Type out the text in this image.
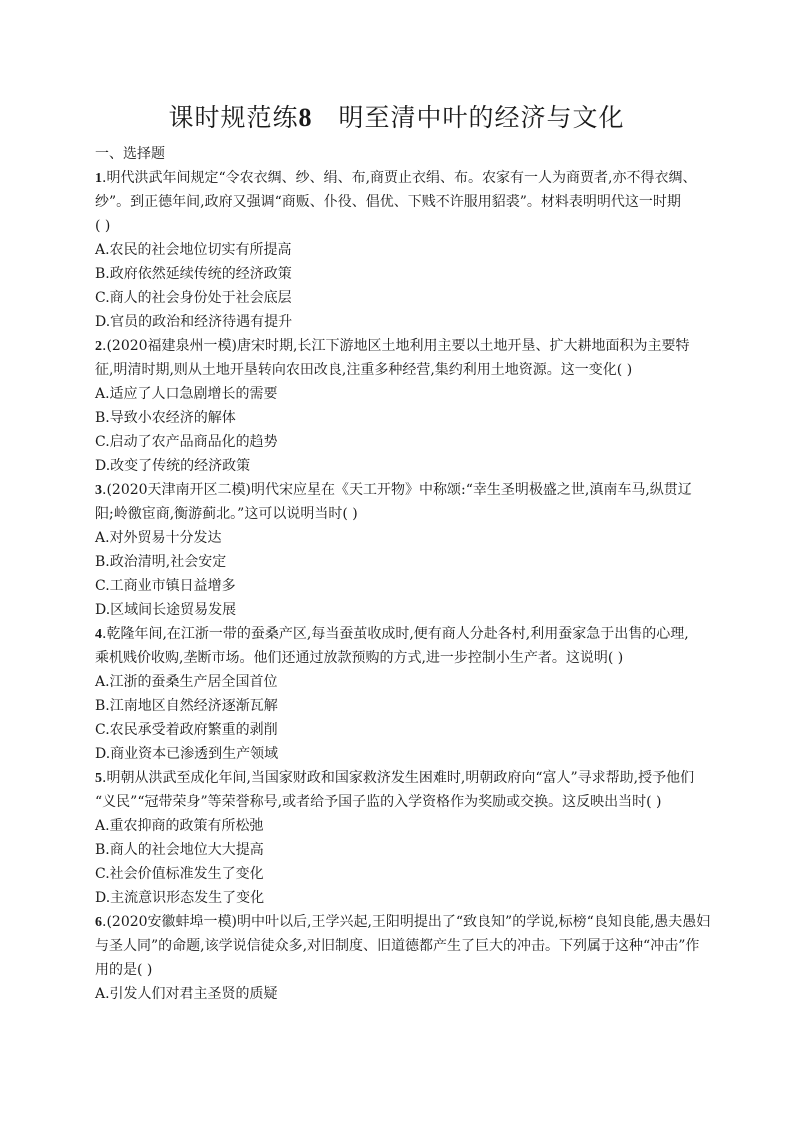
课时规范练8 明至清中叶的经济与文化
一、选择题
1.明代洪武年间规定“令农衣绸、纱、绢、布,商贾止衣绢、布。农家有一人为商贾者,亦不得衣绸、
纱”。到正德年间,政府又强调“商贩、仆役、倡优、下贱不许服用貂裘”。材料表明明代这一时期
( )
A.农民的社会地位切实有所提高
B.政府依然延续传统的经济政策
C.商人的社会身份处于社会底层
D.官员的政治和经济待遇有提升
2.(2020福建泉州一模)唐宋时期,长江下游地区土地利用主要以土地开垦、扩大耕地面积为主要特
征,明清时期,则从土地开垦转向农田改良,注重多种经营,集约利用土地资源。这一变化( )
A.适应了人口急剧增长的需要
B.导致小农经济的解体
C.启动了农产品商品化的趋势
D.改变了传统的经济政策
3.(2020天津南开区二模)明代宋应星在《天工开物》中称颂:“幸生圣明极盛之世,滇南车马,纵贯辽
阳;岭徼宦商,衡游蓟北。”这可以说明当时( )
A.对外贸易十分发达
B.政治清明,社会安定
C.工商业市镇日益增多
D.区域间长途贸易发展
4.乾隆年间,在江浙一带的蚕桑产区,每当蚕茧收成时,便有商人分赴各村,利用蚕家急于出售的心理,
乘机贱价收购,垄断市场。他们还通过放款预购的方式,进一步控制小生产者。这说明( )
A.江浙的蚕桑生产居全国首位
B.江南地区自然经济逐渐瓦解
C.农民承受着政府繁重的剥削
D.商业资本已渗透到生产领域
5.明朝从洪武至成化年间,当国家财政和国家救济发生困难时,明朝政府向“富人”寻求帮助,授予他们
“义民”“冠带荣身”等荣誉称号,或者给予国子监的入学资格作为奖励或交换。这反映出当时( )
A.重农抑商的政策有所松弛
B.商人的社会地位大大提高
C.社会价值标准发生了变化
D.主流意识形态发生了变化
6.(2020安徽蚌埠一模)明中叶以后,王学兴起,王阳明提出了“致良知”的学说,标榜“良知良能,愚夫愚妇
与圣人同”的命题,该学说信徒众多,对旧制度、旧道德都产生了巨大的冲击。下列属于这种“冲击”作
用的是( )
A.引发人们对君主圣贤的质疑
